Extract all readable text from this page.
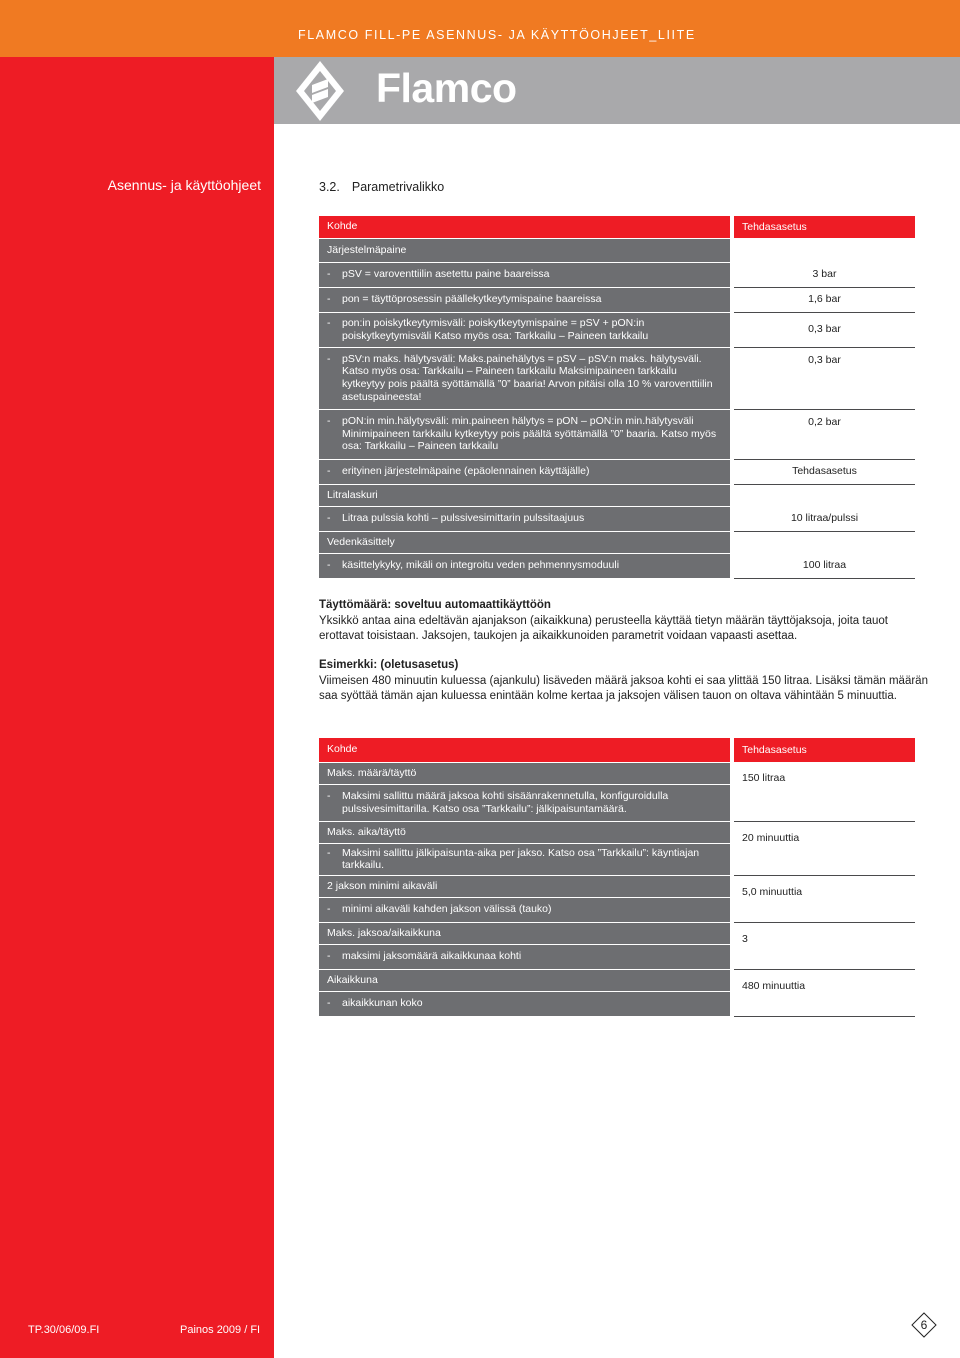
FLAMCO FILL-PE ASENNUS- JA KÄYTTÖOHJEET_LIITE
Asennus- ja käyttöohjeet
TP.30/06/09.FI	Painos 2009 / FI
Flamco
3.2. Parametrivalikko
Kohde		Tehdasasetus
Järjestelmäpaine		

- pSV = varoventtiilin asetettu paine baareissa		3 bar

- pon = täyttöprosessin päällekytkeytymispaine baareissa		1,6 bar

- pon:in poiskytkeytymisväli: poiskytkeytymispaine = pSV + pON:in poiskytkeytymisväli Katso myös osa: Tarkkailu – Paineen tarkkailu		0,3 bar

- pSV:n maks. hälytysväli: Maks.painehälytys = pSV – pSV:n maks. hälytysväli. Katso myös osa: Tarkkailu – Paineen tarkkailu Maksimipaineen tarkkailu kytkeytyy pois päältä syöttämällä ”0” baaria! Arvon pitäisi olla 10 % varoventtiilin asetuspaineesta!		0,3 bar

- pON:in min.hälytysväli: min.paineen hälytys = pON – pON:in min.hälytysväli Minimipaineen tarkkailu kytkeytyy pois päältä syöttämällä ”0” baaria. Katso myös osa: Tarkkailu – Paineen tarkkailu		0,2 bar

- erityinen järjestelmäpaine (epäolennainen käyttäjälle)		Tehdasasetus
Litralaskuri		

- Litraa pulssia kohti – pulssivesimittarin pulssitaajuus		10 litraa/pulssi
Vedenkäsittely		

- käsittelykyky, mikäli on integroitu veden pehmennysmoduuli		100 litraa
Täyttömäärä: soveltuu automaattikäyttöön

Yksikkö antaa aina edeltävän ajanjakson (aikaikkuna) perusteella käyttää tietyn määrän täyttöjaksoja, joita tauot erottavat toisistaan. Jaksojen, taukojen ja aikaikkunoiden parametrit voidaan vapaasti asettaa.

Esimerkki: (oletusasetus)

Viimeisen 480 minuutin kuluessa (ajankulu) lisäveden määrä jaksoa kohti ei saa ylittää 150 litraa. Lisäksi tämän määrän saa syöttää tämän ajan kuluessa enintään kolme kertaa ja jaksojen välisen tauon on oltava vähintään 5 minuuttia.

Kohde		Tehdasasetus
Maks. määrä/täyttö		150 litraa

- Maksimi sallittu määrä jaksoa kohti sisäänrakennetulla, konfiguroidulla pulssivesimittarilla. Katso osa ”Tarkkailu”: jälkipaisuntamäärä.		

Maks. aika/täyttö		20 minuuttia

- Maksimi sallittu jälkipaisunta-aika per jakso. Katso osa ”Tarkkailu”: käyntiajan tarkkailu.		

2 jakson minimi aikaväli		5,0 minuuttia

- minimi aikaväli kahden jakson välissä (tauko)		

Maks. jaksoa/aikaikkuna		3

- maksimi jaksomäärä aikaikkunaa kohti		

Aikaikkuna		480 minuuttia

- aikaikkunan koko		

6
